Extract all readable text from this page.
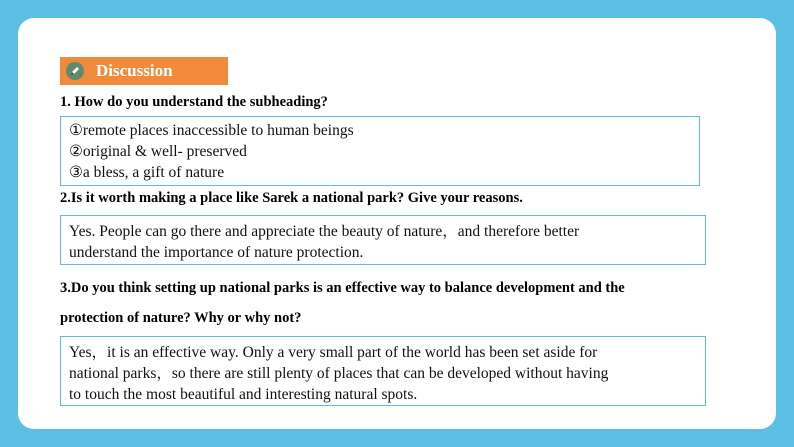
Discussion
1. How do you understand the subheading?

①remote places inaccessible to human beings

②original & well- preserved

③a bless, a gift of nature

2.Is it worth making a place like Sarek a national park? Give your reasons.

Yes. People can go there and appreciate the beauty of nature，and therefore better

understand the importance of nature protection.

3.Do you think setting up national parks is an effective way to balance development and the
protection of nature? Why or why not?

Yes，it is an effective way. Only a very small part of the world has been set aside for

national parks，so there are still plenty of places that can be developed without having

to touch the most beautiful and interesting natural spots.
